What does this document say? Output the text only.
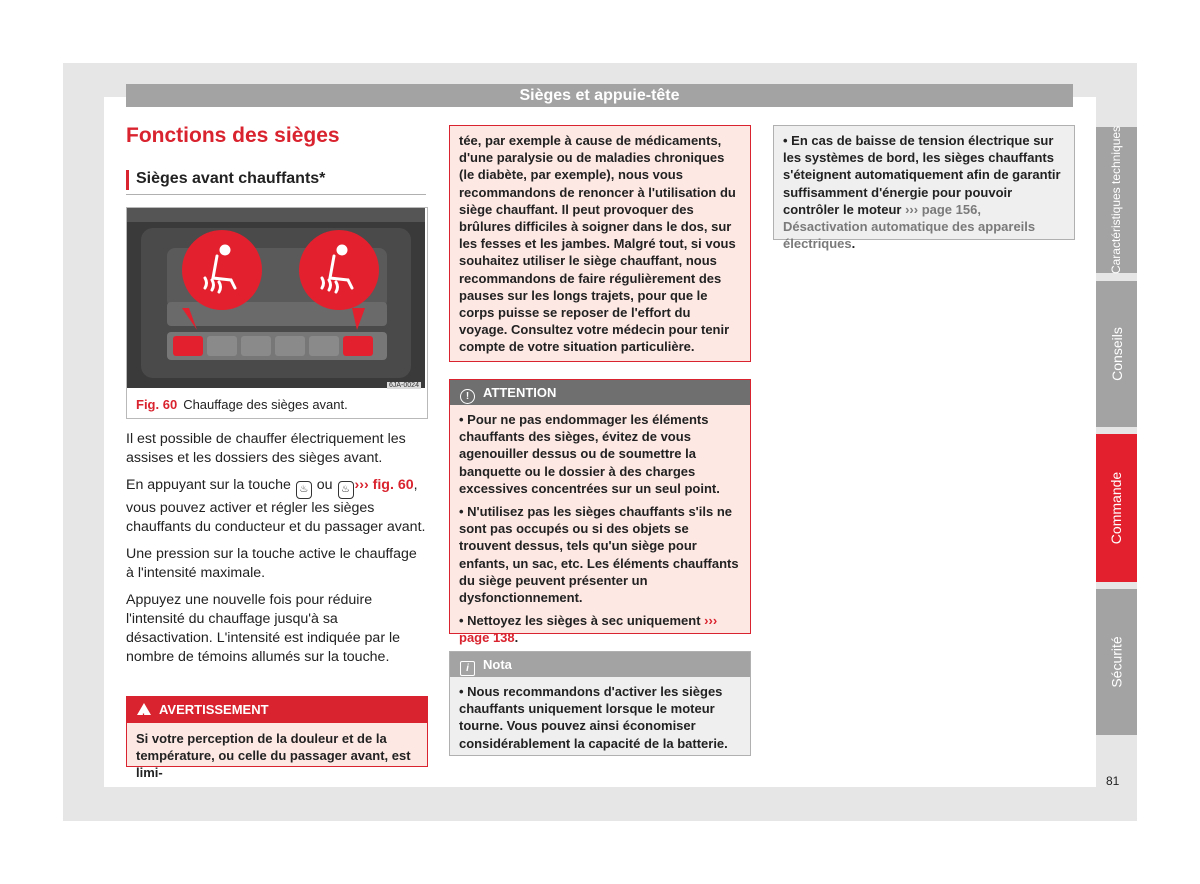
Sièges et appuie-tête
Fonctions des sièges
Sièges avant chauffants*
6JA-0024
Fig. 60 Chauffage des sièges avant.

Il est possible de chauffer électriquement les assises et les dossiers des sièges avant.

En appuyant sur la touche ♨ ou ♨ ››› fig. 60, vous pouvez activer et régler les sièges chauffants du conducteur et du passager avant.

Une pression sur la touche active le chauffage à l'intensité maximale.

Appuyez une nouvelle fois pour réduire l'intensité du chauffage jusqu'à sa désactivation. L'intensité est indiquée par le nombre de témoins allumés sur la touche.

! AVERTISSEMENT
Si votre perception de la douleur et de la température, ou celle du passager avant, est limi-
tée, par exemple à cause de médicaments, d'une paralysie ou de maladies chroniques (le diabète, par exemple), nous vous recommandons de renoncer à l'utilisation du siège chauffant. Il peut provoquer des brûlures difficiles à soigner dans le dos, sur les fesses et les jambes. Malgré tout, si vous souhaitez utiliser le siège chauffant, nous recommandons de faire régulièrement des pauses sur les longs trajets, pour que le corps puisse se reposer de l'effort du voyage. Consultez votre médecin pour tenir compte de votre situation particulière.
! ATTENTION

• Pour ne pas endommager les éléments chauffants des sièges, évitez de vous agenouiller dessus ou de soumettre la banquette ou le dossier à des charges excessives concentrées sur un seul point.

• N'utilisez pas les sièges chauffants s'ils ne sont pas occupés ou si des objets se trouvent dessus, tels qu'un siège pour enfants, un sac, etc. Les éléments chauffants du siège peuvent présenter un dysfonctionnement.

• Nettoyez les sièges à sec uniquement ››› page 138.

i Nota
• Nous recommandons d'activer les sièges chauffants uniquement lorsque le moteur tourne. Vous pouvez ainsi économiser considérablement la capacité de la batterie.
• En cas de baisse de tension électrique sur les systèmes de bord, les sièges chauffants s'éteignent automatiquement afin de garantir suffisamment d'énergie pour pouvoir contrôler le moteur ››› page 156, Désactivation automatique des appareils électriques.	Caractéristiques techniques
Conseils
Commande
Sécurité
81
